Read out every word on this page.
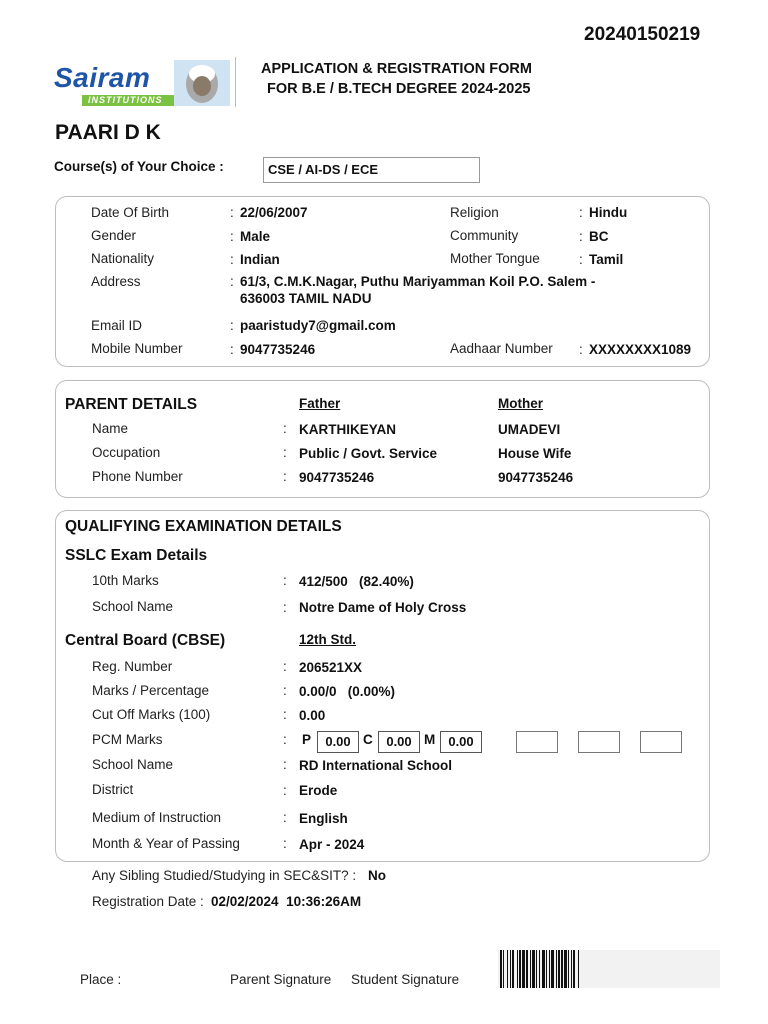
20240150219
Sairam
INSTITUTIONS
APPLICATION & REGISTRATION FORM
FOR B.E / B.TECH DEGREE 2024-2025
PAARI D K
Course(s) of Your Choice :	CSE / AI-DS / ECE
Date Of Birth	: 22/06/2007
Gender	: Male
Nationality	: Indian
Address	: 61/3, C.M.K.Nagar, Puthu Mariyamman Koil P.O. Salem -
636003 TAMIL NADU
Email ID	: paaristudy7@gmail.com
Mobile Number	: 9047735246
Religion	: Hindu
Community	: BC
Mother Tongue	: Tamil
Aadhaar Number : XXXXXXXX1089
PARENT DETAILS	Father	Mother
Name	: KARTHIKEYAN	UMADEVI
Occupation	: Public / Govt. Service	House Wife
Phone Number	: 9047735246	9047735246
QUALIFYING EXAMINATION DETAILS
SSLC Exam Details
10th Marks	: 412/500   (82.40%)
School Name	: Notre Dame of Holy Cross
Central Board (CBSE)	12th Std.
Reg. Number	: 206521XX
Marks / Percentage	: 0.00/0   (0.00%)
Cut Off Marks (100)	: 0.00
PCM Marks	: P	0.00 C	0.00 M	0.00
School Name	: RD International School
District	: Erode
Medium of Instruction	: English
Month & Year of Passing	: Apr - 2024
Any Sibling Studied/Studying in SEC&SIT? : No
Registration Date : 02/02/2024  10:36:26AM
Place :	Parent Signature Student Signature
